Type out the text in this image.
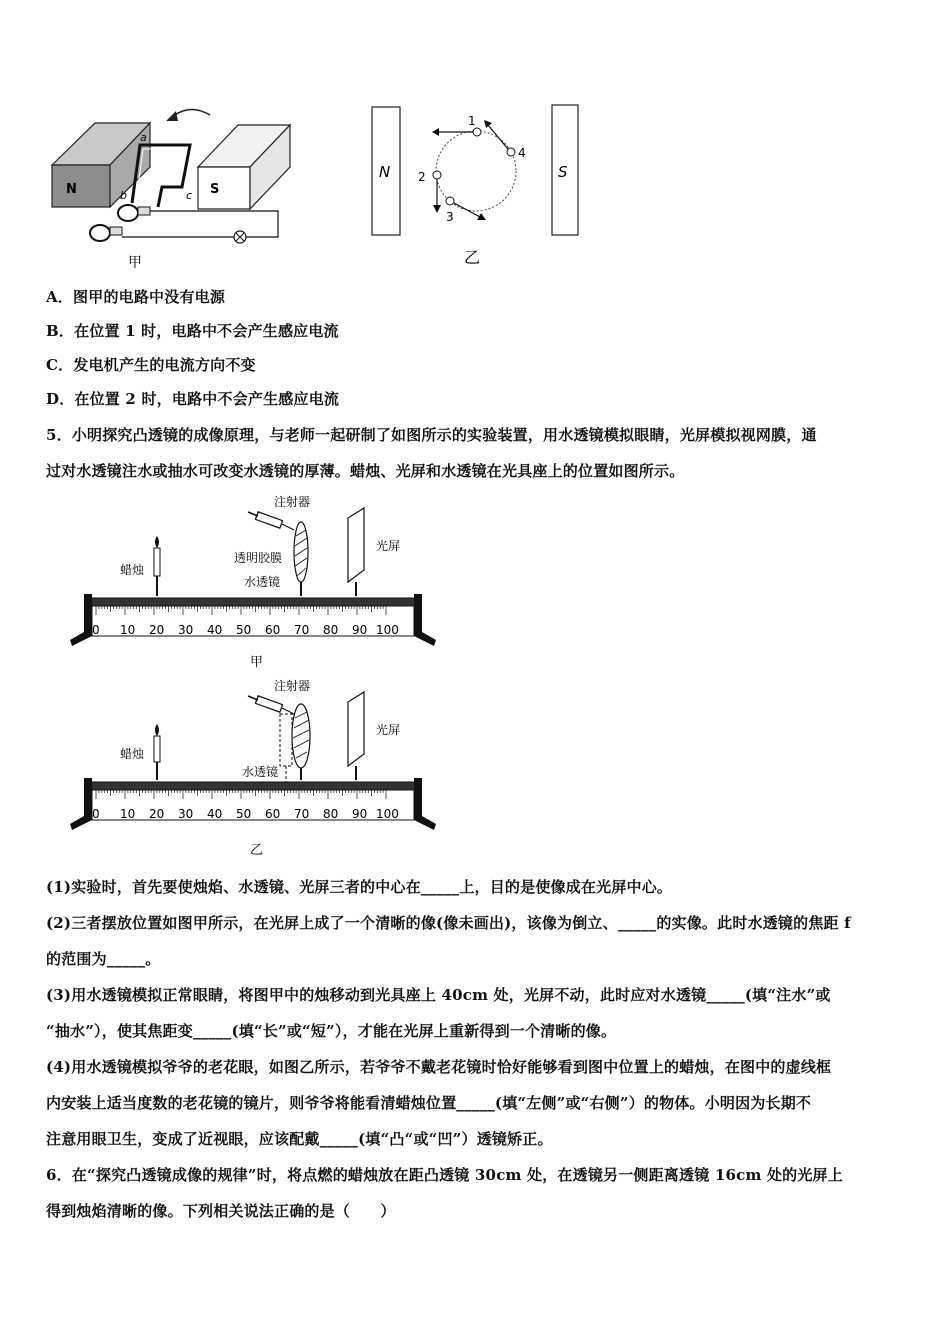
N	S
a
b	c
甲
N	S
1
2
3
4
乙
A．图甲的电路中没有电源
B．在位置 1 时，电路中不会产生感应电流
C．发电机产生的电流方向不变
D．在位置 2 时，电路中不会产生感应电流
5．小明探究凸透镜的成像原理，与老师一起研制了如图所示的实验装置，用水透镜模拟眼睛，光屏模拟视网膜，通
过对水透镜注水或抽水可改变水透镜的厚薄。蜡烛、光屏和水透镜在光具座上的位置如图所示。
注射器
蜡烛
透明胶膜
水透镜
光屏
0 10 20 30 40 50 60 70 80 90 100
甲
注射器
蜡烛
水透镜
光屏
0 10 20 30 40 50 60 70 80 90 100
乙
(1)实验时，首先要使烛焰、水透镜、光屏三者的中心在_____上，目的是使像成在光屏中心。
(2)三者摆放位置如图甲所示，在光屏上成了一个清晰的像(像未画出)，该像为倒立、_____的实像。此时水透镜的焦距 f
的范围为_____。
(3)用水透镜模拟正常眼睛，将图甲中的烛移动到光具座上 40cm 处，光屏不动，此时应对水透镜_____(填“注水”或
“抽水”），使其焦距变_____(填“长”或“短”），才能在光屏上重新得到一个清晰的像。
(4)用水透镜模拟爷爷的老花眼，如图乙所示，若爷爷不戴老花镜时恰好能够看到图中位置上的蜡烛，在图中的虚线框
内安装上适当度数的老花镜的镜片，则爷爷将能看清蜡烛位置_____(填“左侧”或“右侧”）的物体。小明因为长期不
注意用眼卫生，变成了近视眼，应该配戴_____(填“凸“或“凹”）透镜矫正。
6．在“探究凸透镜成像的规律”时，将点燃的蜡烛放在距凸透镜 30cm 处，在透镜另一侧距离透镜 16cm 处的光屏上
得到烛焰清晰的像。下列相关说法正确的是（　　）
